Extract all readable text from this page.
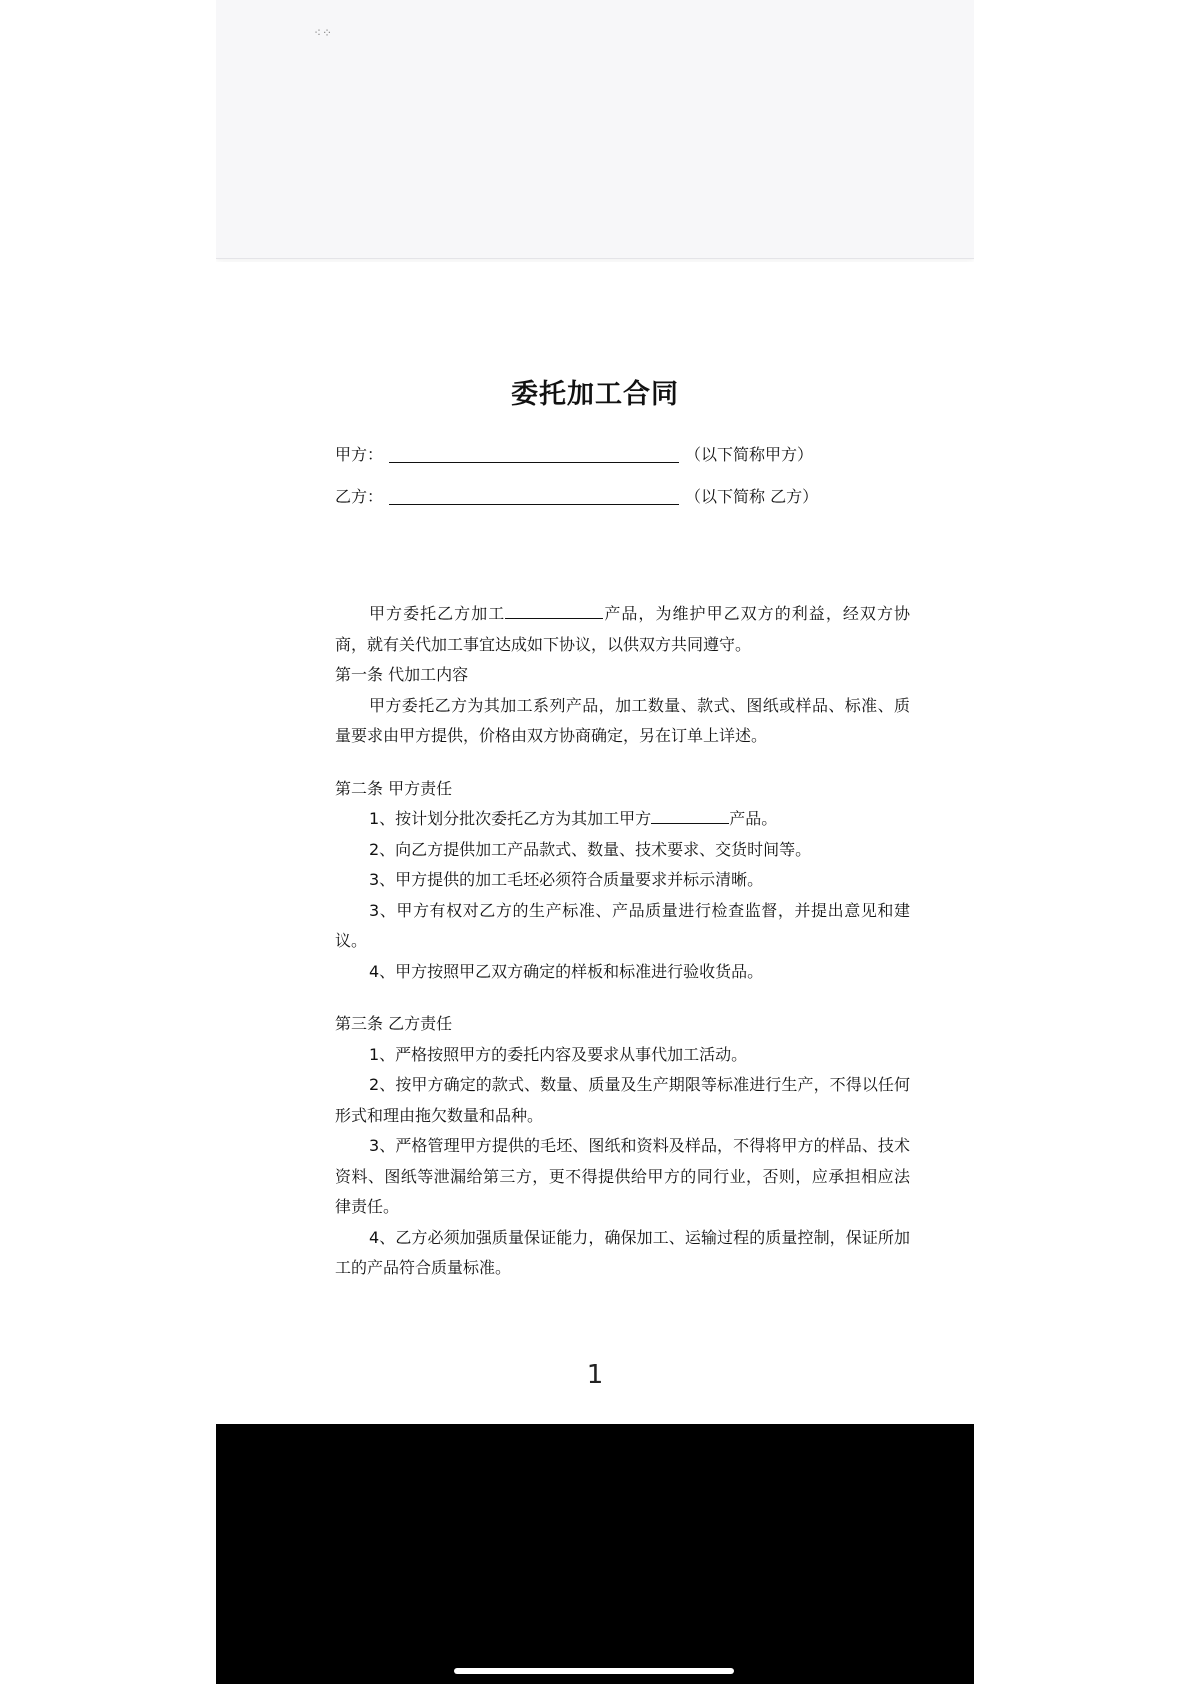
⁖⁘
委托加工合同
甲方：	（以下简称甲方）
乙方：	（以下简称 乙方）

甲方委托乙方加工	产品，为维护甲乙双方的利益，经双方协商，就有关代加工事宜达成如下协议，以供双方共同遵守。

第一条 代加工内容

甲方委托乙方为其加工系列产品，加工数量、款式、图纸或样品、标准、质量要求由甲方提供，价格由双方协商确定，另在订单上详述。

第二条 甲方责任

1、按计划分批次委托乙方为其加工甲方	产品。

2、向乙方提供加工产品款式、数量、技术要求、交货时间等。

3、甲方提供的加工毛坯必须符合质量要求并标示清晰。

3、甲方有权对乙方的生产标准、产品质量进行检查监督，并提出意见和建议。

4、甲方按照甲乙双方确定的样板和标准进行验收货品。

第三条 乙方责任

1、严格按照甲方的委托内容及要求从事代加工活动。

2、按甲方确定的款式、数量、质量及生产期限等标准进行生产，不得以任何形式和理由拖欠数量和品种。

3、严格管理甲方提供的毛坯、图纸和资料及样品，不得将甲方的样品、技术资料、图纸等泄漏给第三方，更不得提供给甲方的同行业，否则，应承担相应法律责任。

4、乙方必须加强质量保证能力，确保加工、运输过程的质量控制，保证所加工的产品符合质量标准。

1
